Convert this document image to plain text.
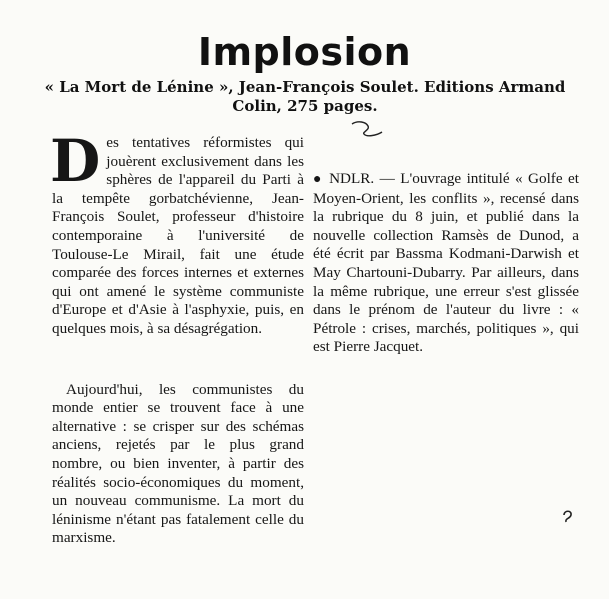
Implosion
« La Mort de Lénine », Jean-François Soulet. Editions Armand Colin, 275 pages.

Des tentatives réformistes qui jouèrent exclusivement dans les sphères de l'appareil du Parti à la tempête gorbatchévienne, Jean-François Soulet, professeur d'histoire contemporaine à l'université de Toulouse-Le Mirail, fait une étude comparée des forces internes et externes qui ont amené le système communiste d'Europe et d'Asie à l'asphyxie, puis, en quelques mois, à sa désagrégation.

Aujourd'hui, les communistes du monde entier se trouvent face à une alternative : se crisper sur des schémas anciens, rejetés par le plus grand nombre, ou bien inventer, à partir des réalités socio-économiques du moment, un nouveau communisme. La mort du léninisme n'étant pas fatalement celle du marxisme.

● NDLR. — L'ouvrage intitulé « Golfe et Moyen-Orient, les conflits », recensé dans la rubrique du 8 juin, et publié dans la nouvelle collection Ramsès de Dunod, a été écrit par Bassma Kodmani-Darwish et May Chartouni-Dubarry. Par ailleurs, dans la même rubrique, une erreur s'est glissée dans le prénom de l'auteur du livre : « Pétrole : crises, marchés, politiques », qui est Pierre Jacquet.
